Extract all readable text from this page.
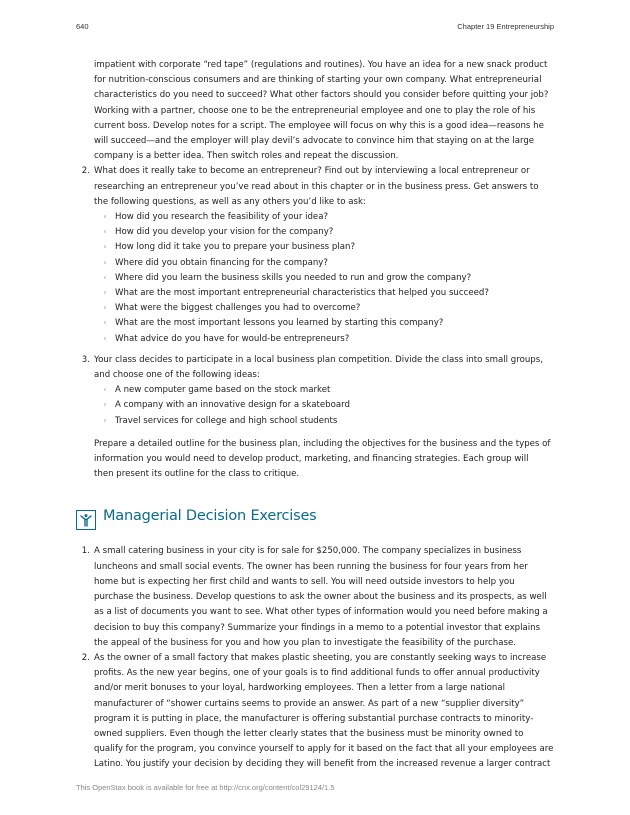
640	Chapter 19 Entrepreneurship
impatient with corporate “red tape” (regulations and routines). You have an idea for a new snack product
for nutrition-conscious consumers and are thinking of starting your own company. What entrepreneurial
characteristics do you need to succeed? What other factors should you consider before quitting your job?
Working with a partner, choose one to be the entrepreneurial employee and one to play the role of his
current boss. Develop notes for a script. The employee will focus on why this is a good idea—reasons he
will succeed—and the employer will play devil’s advocate to convince him that staying on at the large
company is a better idea. Then switch roles and repeat the discussion.
2. What does it really take to become an entrepreneur? Find out by interviewing a local entrepreneur or
researching an entrepreneur you’ve read about in this chapter or in the business press. Get answers to
the following questions, as well as any others you’d like to ask:
◦ How did you research the feasibility of your idea?
◦ How did you develop your vision for the company?
◦ How long did it take you to prepare your business plan?
◦ Where did you obtain financing for the company?
◦ Where did you learn the business skills you needed to run and grow the company?
◦ What are the most important entrepreneurial characteristics that helped you succeed?
◦ What were the biggest challenges you had to overcome?
◦ What are the most important lessons you learned by starting this company?
◦ What advice do you have for would-be entrepreneurs?
3. Your class decides to participate in a local business plan competition. Divide the class into small groups,
and choose one of the following ideas:
◦ A new computer game based on the stock market
◦ A company with an innovative design for a skateboard
◦ Travel services for college and high school students
Prepare a detailed outline for the business plan, including the objectives for the business and the types of
information you would need to develop product, marketing, and financing strategies. Each group will
then present its outline for the class to critique.
Managerial Decision Exercises
1. A small catering business in your city is for sale for $250,000. The company specializes in business
luncheons and small social events. The owner has been running the business for four years from her
home but is expecting her first child and wants to sell. You will need outside investors to help you
purchase the business. Develop questions to ask the owner about the business and its prospects, as well
as a list of documents you want to see. What other types of information would you need before making a
decision to buy this company? Summarize your findings in a memo to a potential investor that explains
the appeal of the business for you and how you plan to investigate the feasibility of the purchase.
2. As the owner of a small factory that makes plastic sheeting, you are constantly seeking ways to increase
profits. As the new year begins, one of your goals is to find additional funds to offer annual productivity
and/or merit bonuses to your loyal, hardworking employees. Then a letter from a large national
manufacturer of “shower curtains seems to provide an answer. As part of a new “supplier diversity”
program it is putting in place, the manufacturer is offering substantial purchase contracts to minority-
owned suppliers. Even though the letter clearly states that the business must be minority owned to
qualify for the program, you convince yourself to apply for it based on the fact that all your employees are
Latino. You justify your decision by deciding they will benefit from the increased revenue a larger contract
This OpenStax book is available for free at http://cnx.org/content/col29124/1.5
